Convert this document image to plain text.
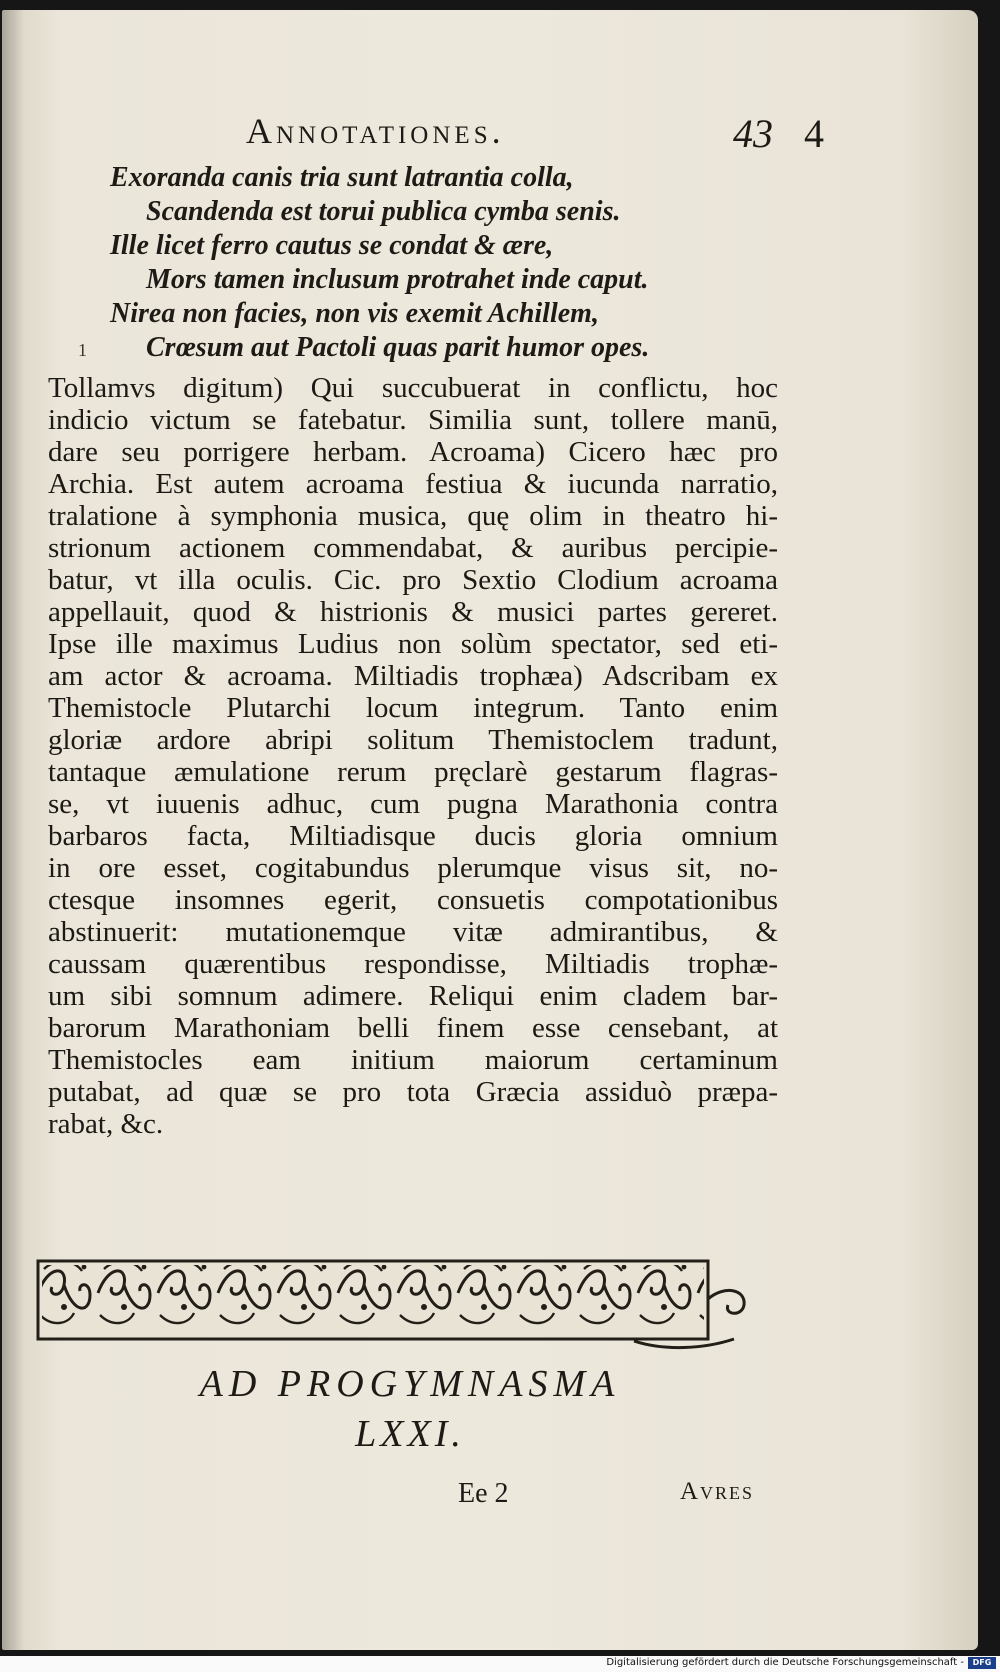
Annotationes.	43 4
Exoranda canis tria sunt latrantia colla,
Scandenda est torui publica cymba senis.
Ille licet ferro cautus se condat & ære,
Mors tamen inclusum protrahet inde caput.
Nirea non facies, non vis exemit Achillem,
Crœsum aut Pactoli quas parit humor opes.
1
Tollamvs digitum) Qui succubuerat in conflictu, hoc
indicio victum se fatebatur. Similia sunt, tollere manū,
dare seu porrigere herbam. Acroama) Cicero hæc pro
Archia. Est autem acroama festiua & iucunda narratio,
tralatione à symphonia musica, quę olim in theatro hi-
strionum actionem commendabat, & auribus percipie-
batur, vt illa oculis. Cic. pro Sextio Clodium acroama
appellauit, quod & histrionis & musici partes gereret.
Ipse ille maximus Ludius non solùm spectator, sed eti-
am actor & acroama. Miltiadis trophæa) Adscribam ex
Themistocle Plutarchi locum integrum. Tanto enim
gloriæ ardore abripi solitum Themistoclem tradunt,
tantaque æmulatione rerum pręclarè gestarum flagras-
se, vt iuuenis adhuc, cum pugna Marathonia contra
barbaros facta, Miltiadisque ducis gloria omnium
in ore esset, cogitabundus plerumque visus sit, no-
ctesque insomnes egerit, consuetis compotationibus
abstinuerit: mutationemque vitæ admirantibus, &
caussam quærentibus respondisse, Miltiadis trophæ-
um sibi somnum adimere. Reliqui enim cladem bar-
barorum Marathoniam belli finem esse censebant, at
Themistocles eam initium maiorum certaminum
putabat, ad quæ se pro tota Græcia assiduò præpa-
rabat, &c.
AD PROGYMNASMA
LXXI.
Ee 2	Avres
Digitalisierung gefördert durch die Deutsche Forschungsgemeinschaft -	DFG
